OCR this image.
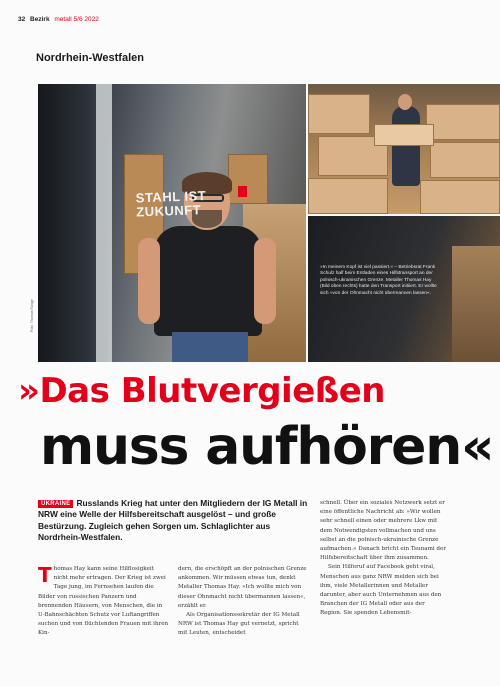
32 Bezirk metall 5/6 2022
Nordrhein-Westfalen
STAHL IST
ZUKUNFT
Foto: Thomas Range
»In meinem Kopf ist viel passiert.« – Betriebsrat Frank Schulz half beim Entladen eines Hilfstransport an der polnisch-ukrainischen Grenze. Metaller Thomas Hay (Bild oben rechts) hatte den Transport initiiert. Er wollte sich »von der Ohnmacht nicht übermannen lassen«.
»Das Blutvergießen
muss aufhören«
UKRAINE Russlands Krieg hat unter den Mitgliedern der IG Metall in NRW eine Welle der Hilfsbereitschaft ausgelöst – und große Bestürzung. Zugleich gehen Sorgen um. Schlaglichter aus Nordrhein-Westfalen.

Thomas Hay kann seine Hilflosigkeit nicht mehr ertragen. Der Krieg ist zwei Tage jung, im Fernsehen laufen die Bilder von russischen Panzern und brennenden Häusern, von Menschen, die in U-Bahnschächten Schutz vor Luftangriffen suchen und von flüchtenden Frauen mit ihren Kin-

dern, die erschöpft an der polnischen Grenze ankommen. Wir müssen etwas tun, denkt Metaller Thomas Hay. »Ich wollte mich von dieser Ohnmacht nicht übermannen lassen«, erzählt er.

Als Organisationssekretär der IG Metall NRW ist Thomas Hay gut vernetzt, spricht mit Leuten, entscheidet

schnell. Über ein soziales Netzwerk setzt er eine öffentliche Nachricht ab: »Wir wollen sehr schnell einen oder mehrere Lkw mit dem Notwendigsten vollmachen und uns selbst an die polnisch-ukrainische Grenze aufmachen.« Danach bricht ein Tsunami der Hilfsbereitschaft über ihm zusammen.

Sein Hilferuf auf Facebook geht viral, Menschen aus ganz NRW melden sich bei ihm, viele Metallerinnen und Metaller darunter, aber auch Unternehmen aus den Branchen der IG Metall oder aus der Region. Sie spenden Lebensmit-
